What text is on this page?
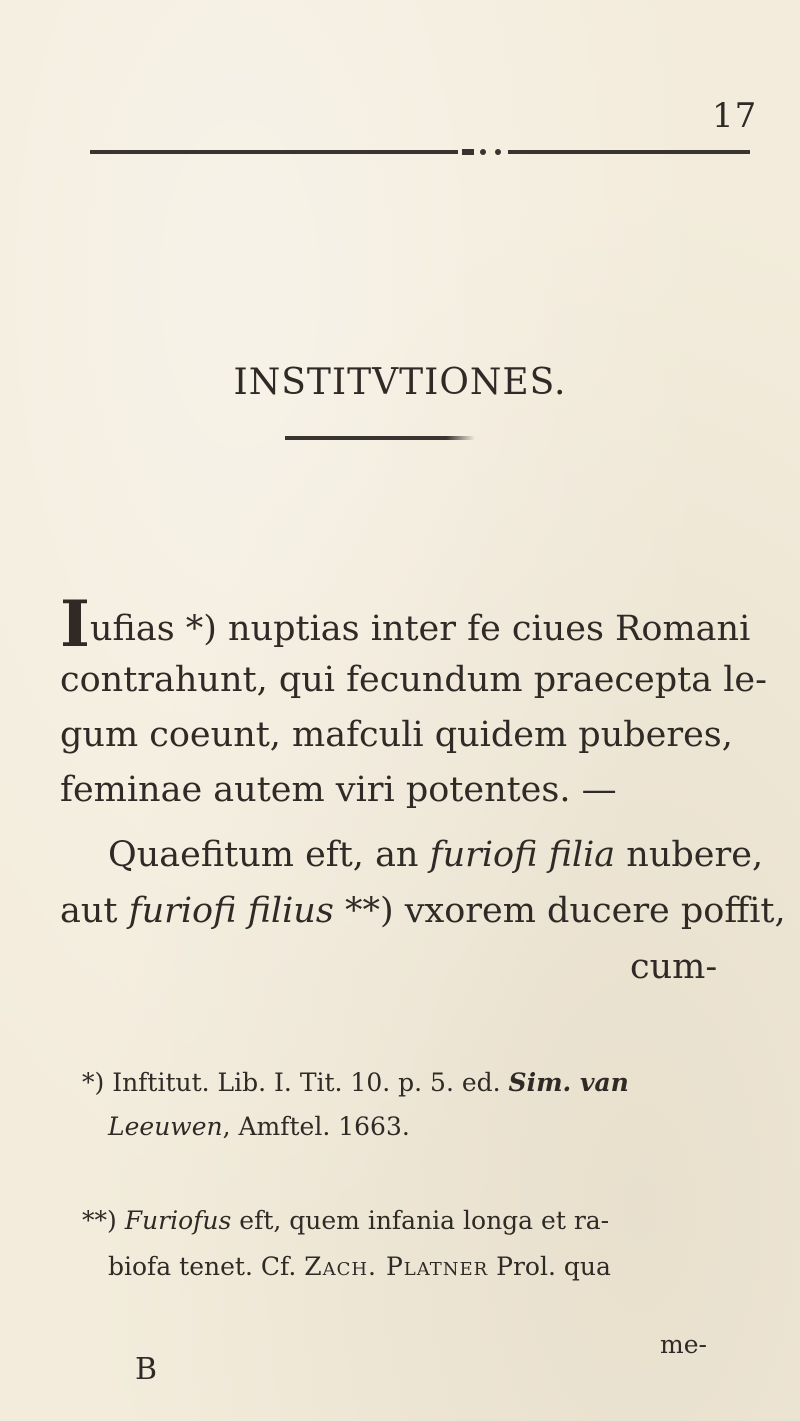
17
INSTITVTIONES.
Iufias *) nuptias inter fe ciues Romani
contrahunt, qui fecundum praecepta le-
gum coeunt, mafculi quidem puberes,
feminae autem viri potentes. —
Quaefitum eft, an furiofi filia nubere,
aut furiofi filius **) vxorem ducere poffit,
cum-
*) Inftitut. Lib. I. Tit. 10. p. 5. ed. Sim. van
Leeuwen, Amftel. 1663.
**) Furiofus eft, quem infania longa et ra-
biofa tenet. Cf. Zach. Platner Prol. qua
me-
B
